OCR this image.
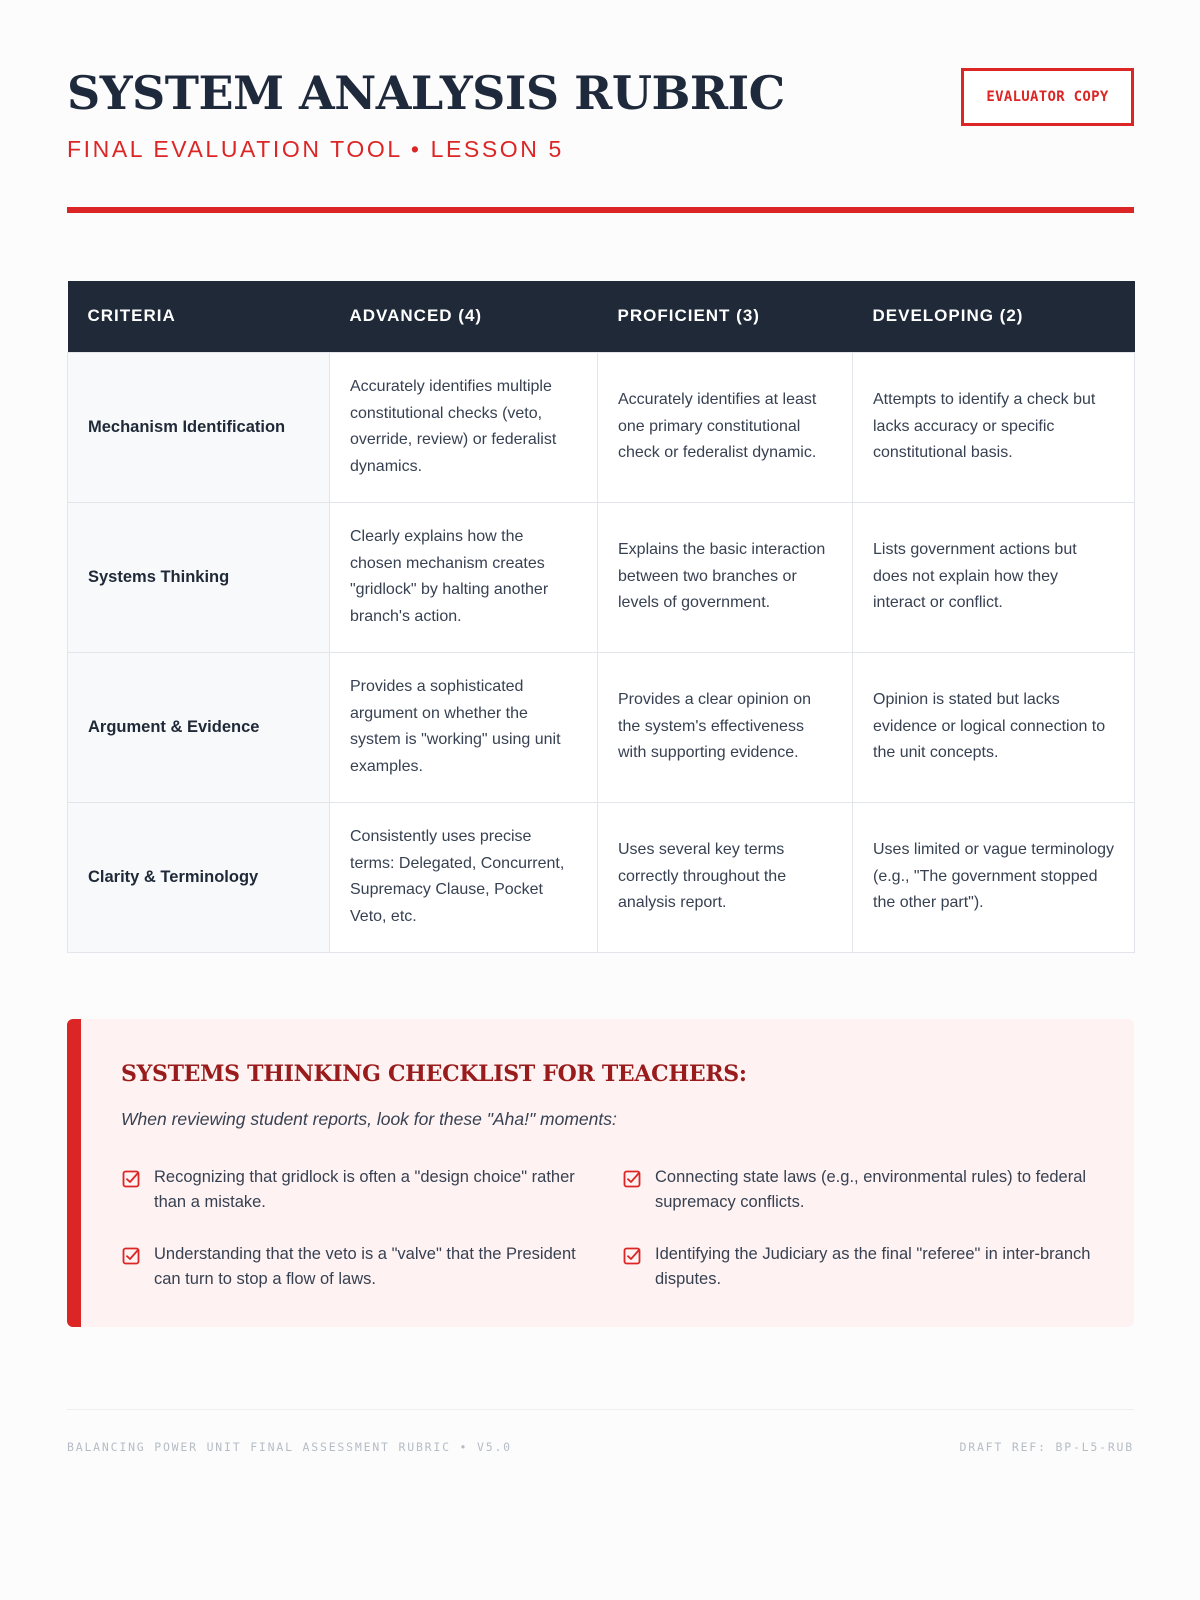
SYSTEM ANALYSIS RUBRIC
FINAL EVALUATION TOOL • LESSON 5
EVALUATOR COPY
CRITERIA	ADVANCED (4)	PROFICIENT (3)	DEVELOPING (2)
Mechanism Identification	Accurately identifies multiple constitutional checks (veto, override, review) or federalist dynamics.	Accurately identifies at least one primary constitutional check or federalist dynamic.	Attempts to identify a check but lacks accuracy or specific constitutional basis.
Systems Thinking	Clearly explains how the chosen mechanism creates "gridlock" by halting another branch's action.	Explains the basic interaction between two branches or levels of government.	Lists government actions but does not explain how they interact or conflict.
Argument & Evidence	Provides a sophisticated argument on whether the system is "working" using unit examples.	Provides a clear opinion on the system's effectiveness with supporting evidence.	Opinion is stated but lacks evidence or logical connection to the unit concepts.
Clarity & Terminology	Consistently uses precise terms: Delegated, Concurrent, Supremacy Clause, Pocket Veto, etc.	Uses several key terms correctly throughout the analysis report.	Uses limited or vague terminology (e.g., "The government stopped the other part").
SYSTEMS THINKING CHECKLIST FOR TEACHERS:
When reviewing student reports, look for these "Aha!" moments:
Recognizing that gridlock is often a "design choice" rather than a mistake.
Connecting state laws (e.g., environmental rules) to federal supremacy conflicts.
Understanding that the veto is a "valve" that the President can turn to stop a flow of laws.
Identifying the Judiciary as the final "referee" in inter-branch disputes.
BALANCING POWER UNIT FINAL ASSESSMENT RUBRIC • V5.0	DRAFT REF: BP-L5-RUB
